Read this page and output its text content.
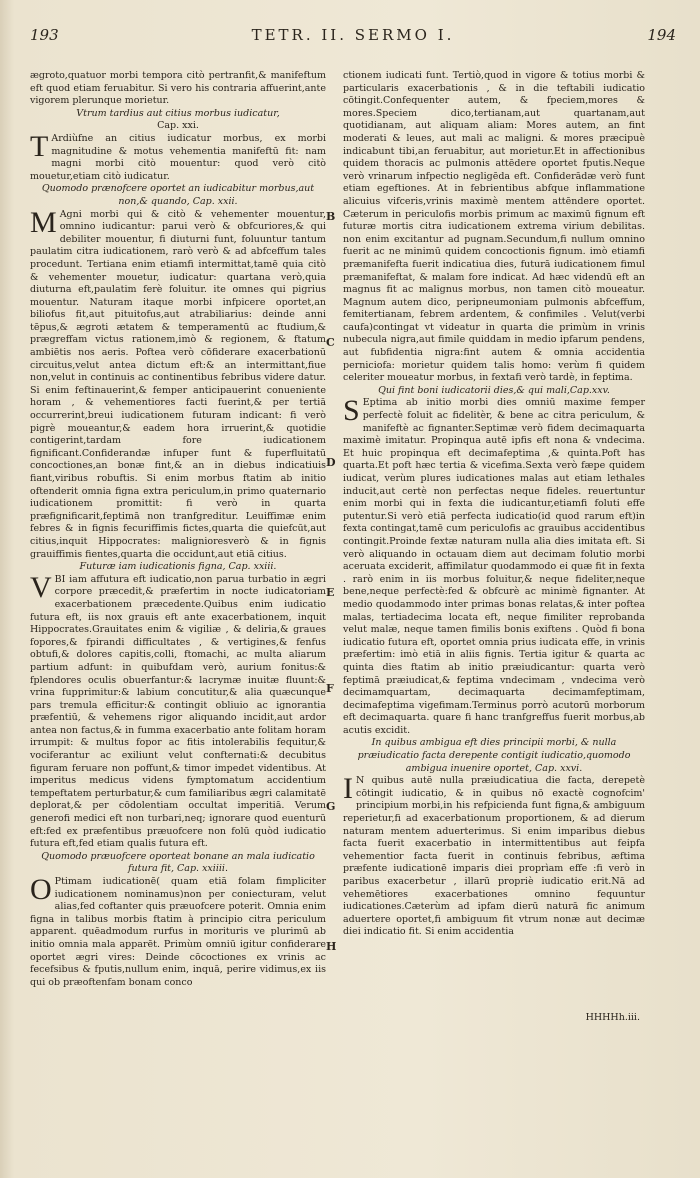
193	TETR. II. SERMO I.	194

ægroto,quatuor morbi tempora citò pertranfit,& manifeftum eft quod etiam feruabitur. Si vero his contraria affuerint,ante vigorem plerunque morietur.

Vtrum tardius aut citius morbus iudicatur,

Cap. xxi.

T Ardiùfne an citius iudicatur morbus, ex morbi magnitudine & motus vehementia manifeftū fit: nam magni morbi citò mouentur: quod verò citò mouetur,etiam citò iudicatur.

Quomodo prænofcere oportet an iudicabitur morbus,aut non,& quando, Cap. xxii.

M Agni morbi qui & citò & vehementer mouentur, omnino iudicantur: parui verò & obfcuriores,& qui debiliter mouentur, fi diuturni funt, foluuntur tantum paulatim citra iudicationem, rarò verò & ad abfceffum tales procedunt. Tertiana enim etiamfi intermittat,tamē quia citò & vehementer mouetur, iudicatur: quartana verò,quia diuturna eft,paulatim ferè foluitur. ite omnes qui pigrius mouentur. Naturam itaque morbi infpicere oportet,an biliofus fit,aut pituitofus,aut atrabiliarius: deinde anni tēpus,& ægroti ætatem & temperamentū ac ftudium,& prægreffam victus rationem,imò & regionem, & ftatum ambiētis nos aeris. Poftea verò cōfiderare exacerbationū circuitus,velut antea dictum eft:& an intermittant,fiue non,velut in continuis ac continentibus febribus videre datur. Si enim feftinauerint,& femper anticipauerint conueniente horam , & vehementiores facti fuerint,& per tertiā occurrerint,breui iudicationem futuram indicant: fi verò pigrè moueantur,& eadem hora irruerint,& quotidie contigerint,tardam fore iudicationem fignificant.Confiderandæ infuper funt & fuperfluitatū concoctiones,an bonæ fint,& an in diebus indicatiuis fiant,viribus robuftis. Si enim morbus ftatim ab initio oftenderit omnia figna extra periculum,in primo quaternario iudicationem promittit: fi verò in quarta præfignificarit,feptimā non tranfgreditur. Leuiffimæ enim febres & in fignis fecuriffimis fictes,quarta die quiefcūt,aut citius,inquit Hippocrates: malignioresverò & in fignis grauiffimis fientes,quarta die occidunt,aut etiā citius.

Futuræ iam iudicationis figna, Cap. xxiii.

VBI iam affutura eft iudicatio,non parua turbatio in ægri corpore præcedit,& præfertim in nocte iudicatoriam exacerbationem præcedente.Quibus enim iudicatio futura eft, iis nox grauis eft ante exacerbationem, inquit Hippocrates.Grauitates enim & vigiliæ , & deliria,& graues fopores,& fpirandi difficultates , & vertigines,& fenfus obtufi,& dolores capitis,colli, ftomachi, ac multa aliarum partium adfunt: in quibufdam verò, aurium fonitus:& fplendores oculis obuerfantur:& lacrymæ inuitæ fluunt:& vrina fupprimitur:& labium concutitur,& alia quæcunque pars tremula efficitur:& contingit obliuio ac ignorantia præfentiū, & vehemens rigor aliquando incidit,aut ardor antea non factus,& in fumma exacerbatio ante folitam horam irrumpit: & multus fopor ac fitis intolerabilis fequitur,& vociferantur ac exiliunt velut confternati:& decubitus figuram feruare non poffunt,& timor impedet videntibus. At imperitus medicus videns fymptomatum accidentium tempeftatem perturbatur,& cum familiaribus ægri calamitatē deplorat,& per cōdolentiam occultat imperitiā. Verum generofi medici eft non turbari,neq; ignorare quod euenturū eft:fed ex præfentibus præuofcere non folū quòd iudicatio futura eft,fed etiam qualis futura eft.

Quomodo præuofcere oporteat bonane an mala iudicatio futura fit, Cap. xxiiii.

O Ptimam iudicationē( quam etiā folam fimpliciter iudicationem nominamus)non per coniecturam, velut alias,fed coftanter quis præuofcere poterit. Omnia enim figna in talibus morbis ftatim à principio citra periculum apparent. quēadmodum rurfus in morituris ve plurimū ab initio omnia mala apparēt. Primùm omniū igitur confiderare oportet ægri vires: Deinde cōcoctiones ex vrinis ac fecefsibus & fputis,nullum enim, inquā, perire vidimus,ex iis qui ob præoftenfam bonam conco

ctionem iudicati funt. Tertiò,quod in vigore & totius morbi & particularis exacerbationis , & in die teftabili iudicatio cōtingit.Confequenter autem, & fpeciem,mores & mores.Speciem dico,tertianam,aut quartanam,aut quotidianam, aut aliquam aliam: Mores autem, an fint moderati & leues, aut mali ac maligni. & mores præcipuè indicabunt tibi,an feruabitur, aut morietur.Et in affectionibus quidem thoracis ac pulmonis attēdere oportet fputis.Neque verò vrinarum infpectio negligēda eft. Confiderādæ verò funt etiam egeftiones. At in febrientibus abfque inflammatione alicuius vifceris,vrinis maximè mentem attēndere oportet. Cæterum in periculofis morbis primum ac maximū fignum eft futuræ mortis citra iudicationem extrema virium debilitas. non enim excitantur ad pugnam.Secundum,fi nullum omnino fuerit ac ne minimū quidem concoctionis fignum. imò etiamfi præmanifefta fuerit indicatiua dies, futurā iudicationem fimul præmanifeftat, & malam fore indicat. Ad hæc videndū eft an magnus fit ac malignus morbus, non tamen citò moueatur. Magnum autem dico, peripneumoniam pulmonis abfceffum, femitertianam, febrem ardentem, & confimiles . Velut(verbi caufa)contingat vt videatur in quarta die primùm in vrinis nubecula nigra,aut fimile quiddam in medio ipfarum pendens, aut fubfidentia nigra:fint autem & omnia accidentia perniciofa: morietur quidem talis homo: verùm fi quidem celeriter moueatur morbus, in fextafi verò tardè, in feptima.

Qui fint boni iudicatorii dies,& qui mali,Cap.xxv.

S Eptima ab initio morbi dies omniū maxime femper perfectè foluit ac fidelitèr, & bene ac citra periculum, & manifeftè ac fignanter.Septimæ verò fidem decimaquarta maximè imitatur. Propinqua autē ipfis eft nona & vndecima. Et huic propinqua eft decimafeptima ,& quinta.Poft has quarta.Et poft hæc tertia & vicefima.Sexta verò fæpe quidem iudicat, verùm plures iudicationes malas aut etiam lethales inducit,aut certè non perfectas neque fideles. reuertuntur enim morbi qui in fexta die iudicantur,etiamfi foluti effe putentur.Si verò etiā perfecta iudicatio(id quod rarum eft)in fexta contingat,tamē cum periculofis ac grauibus accidentibus contingit.Proinde fextæ naturam nulla alia dies imitata eft. Si verò aliquando in octauam diem aut decimam folutio morbi aceruata exciderit, affimilatur quodammodo ei quæ fit in fexta . rarò enim in iis morbus foluitur,& neque fideliter,neque bene,neque perfectè:fed & obfcurè ac minimè fignanter. At medio quodammodo inter primas bonas relatas,& inter poftea malas, tertiadecima locata eft, neque fimiliter reprobanda velut malæ, neque tamen fimilis bonis exiftens . Quòd fi bona iudicatio futura eft, oportet omnia prius iudicata effe, in vrinis præfertim: imò etiā in aliis fignis. Tertia igitur & quarta ac quinta dies ftatim ab initio præiudicantur: quarta verò feptimā præiudicat,& feptima vndecimam , vndecima verò decimamquartam, decimaquarta decimamfeptimam, decimafeptima vigefimam.Terminus porrò acutorū morborum eft decimaquarta. quare fi hanc tranfgreffus fuerit morbus,ab acutis excidit.

In quibus ambigua eft dies principii morbi, & nulla præiudicatio facta derepente contigit iudicatio,quomodo ambigua inuenire oportet, Cap. xxvi.

I N quibus autē nulla præiudicatiua die facta, derepetè cōtingit iudicatio, & in quibus nō exactè cognofcim' principium morbi,in his refpicienda funt figna,& ambiguum reperietur,fi ad exacerbationum proportionem, & ad dierum naturam mentem aduerterimus. Si enim imparibus diebus facta fuerit exacerbatio in intermittentibus aut feipfa vehementior facta fuerit in continuis febribus, æftima præfente iudicationē imparis diei proprìam effe :fi verò in paribus exacerbetur , illarū propriè iudicatio erit.Nā ad vehemētiores exacerbationes omnino fequuntur iudicationes.Cæterùm ad ipfam dierū naturā fic animum aduertere oportet,fi ambiguum fit vtrum nonæ aut decimæ diei indicatio fit. Si enim accidentia

B
C
D
E
F
G
H
HHHHh.iii.
